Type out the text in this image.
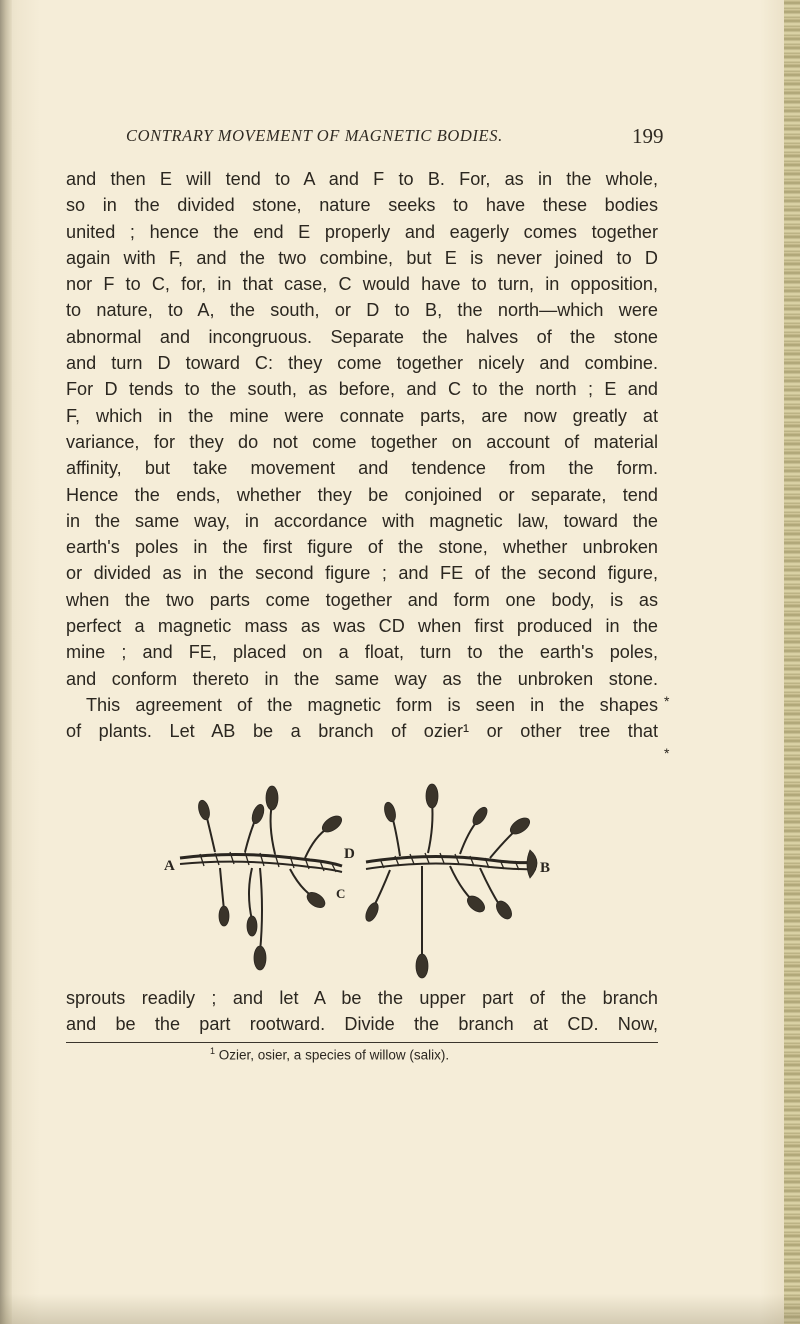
CONTRARY MOVEMENT OF MAGNETIC BODIES.	199
and then E will tend to A and F to B. For, as in the whole,
so in the divided stone, nature seeks to have these bodies
united ; hence the end E properly and eagerly comes together
again with F, and the two combine, but E is never joined to D
nor F to C, for, in that case, C would have to turn, in opposition,
to nature, to A, the south, or D to B, the north—which were
abnormal and incongruous. Separate the halves of the stone
and turn D toward C: they come together nicely and combine.
For D tends to the south, as before, and C to the north ; E and
F, which in the mine were connate parts, are now greatly at
variance, for they do not come together on account of material
affinity, but take movement and tendence from the form.
Hence the ends, whether they be conjoined or separate, tend
in the same way, in accordance with magnetic law, toward the
earth's poles in the first figure of the stone, whether unbroken
or divided as in the second figure ; and FE of the second figure,
when the two parts come together and form one body, is as
perfect a magnetic mass as was CD when first produced in the
mine ; and FE, placed on a float, turn to the earth's poles,
and conform thereto in the same way as the unbroken stone.
This agreement of the magnetic form is seen in the shapes
of plants. Let AB be a branch of ozier¹ or other tree that
*
*
A	B
C
D
sprouts readily ; and let A be the upper part of the branch
and be the part rootward. Divide the branch at CD. Now,
$^1$ Ozier, osier, a species of willow (salix).
